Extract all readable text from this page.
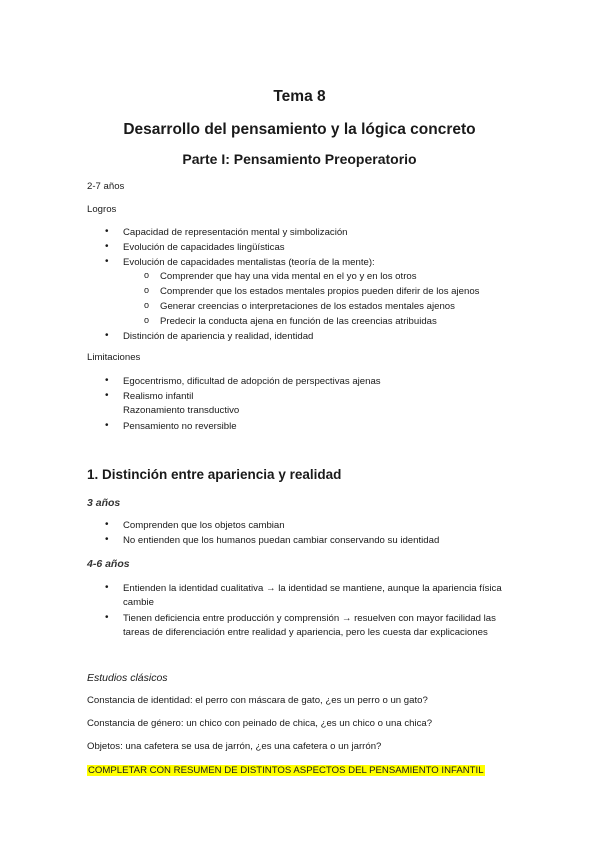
Tema 8
Desarrollo del pensamiento y la lógica concreto
Parte I: Pensamiento Preoperatorio
2-7 años
Logros
• Capacidad de representación mental y simbolización
• Evolución de capacidades lingüísticas
• Evolución de capacidades mentalistas (teoría de la mente):
o Comprender que hay una vida mental en el yo y en los otros
o Comprender que los estados mentales propios pueden diferir de los ajenos
o Generar creencias o interpretaciones de los estados mentales ajenos
o Predecir la conducta ajena en función de las creencias atribuidas
• Distinción de apariencia y realidad, identidad
Limitaciones
• Egocentrismo, dificultad de adopción de perspectivas ajenas
• Realismo infantil
Razonamiento transductivo
• Pensamiento no reversible
1. Distinción entre apariencia y realidad
3 años
• Comprenden que los objetos cambian
• No entienden que los humanos puedan cambiar conservando su identidad
4-6 años
• Entienden la identidad cualitativa → la identidad se mantiene, aunque la apariencia física cambie
• Tienen deficiencia entre producción y comprensión → resuelven con mayor facilidad las tareas de diferenciación entre realidad y apariencia, pero les cuesta dar explicaciones
Estudios clásicos
Constancia de identidad: el perro con máscara de gato, ¿es un perro o un gato?
Constancia de género: un chico con peinado de chica, ¿es un chico o una chica?
Objetos: una cafetera se usa de jarrón, ¿es una cafetera o un jarrón?
COMPLETAR CON RESUMEN DE DISTINTOS ASPECTOS DEL PENSAMIENTO INFANTIL
